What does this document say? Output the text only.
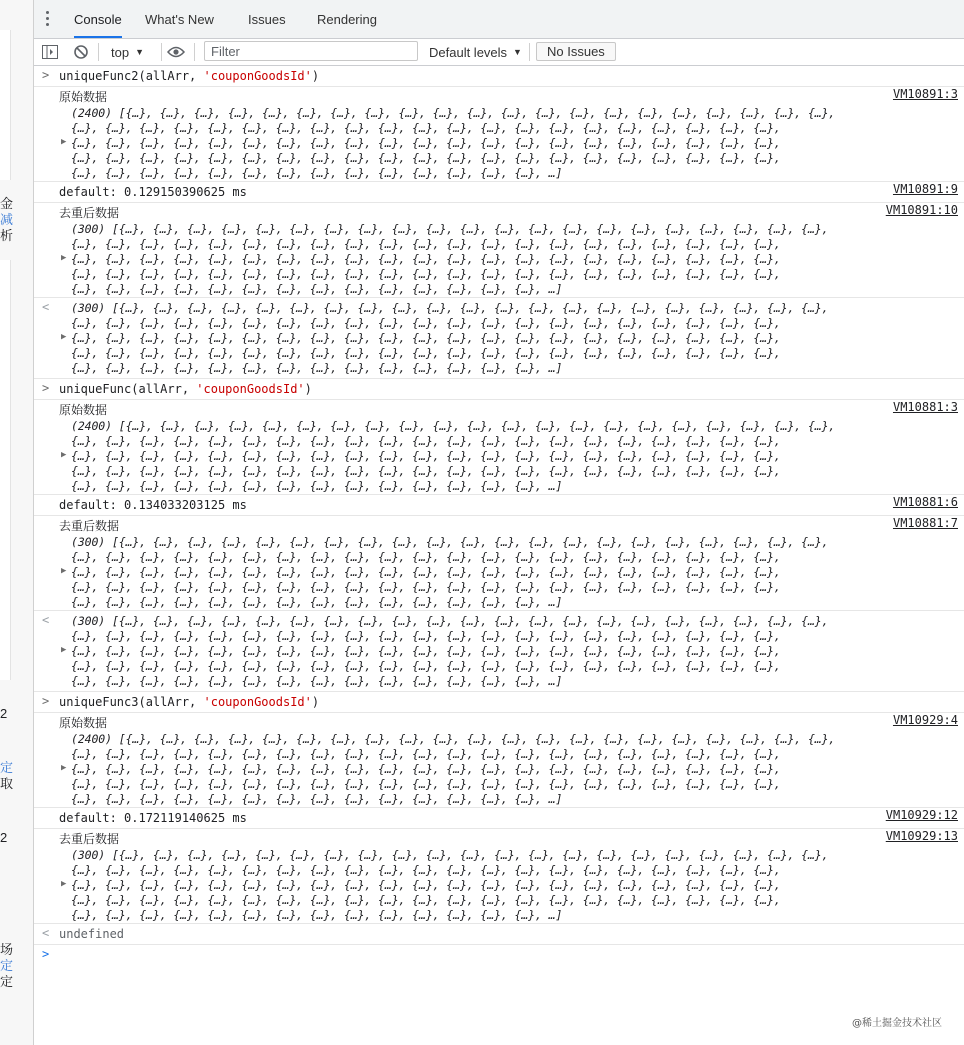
金
减
析
2
定
取
2
场
定
定
Console What's New	Issues Rendering
top ▼
Filter	Default levels ▼	No Issues
> uniqueFunc2(allArr, 'couponGoodsId')
VM10891:3
原始数据
(2400) [{…}, {…}, {…}, {…}, {…}, {…}, {…}, {…}, {…}, {…}, {…}, {…}, {…}, {…}, {…}, {…}, {…}, {…}, {…}, {…}, {…},
{…}, {…}, {…}, {…}, {…}, {…}, {…}, {…}, {…}, {…}, {…}, {…}, {…}, {…}, {…}, {…}, {…}, {…}, {…}, {…}, {…},
{…}, {…}, {…}, {…}, {…}, {…}, {…}, {…}, {…}, {…}, {…}, {…}, {…}, {…}, {…}, {…}, {…}, {…}, {…}, {…}, {…},
{…}, {…}, {…}, {…}, {…}, {…}, {…}, {…}, {…}, {…}, {…}, {…}, {…}, {…}, {…}, {…}, {…}, {…}, {…}, {…}, {…},
{…}, {…}, {…}, {…}, {…}, {…}, {…}, {…}, {…}, {…}, {…}, {…}, {…}, {…}, …]
▶
VM10891:9
default: 0.129150390625 ms
VM10891:10
去重后数据
(300) [{…}, {…}, {…}, {…}, {…}, {…}, {…}, {…}, {…}, {…}, {…}, {…}, {…}, {…}, {…}, {…}, {…}, {…}, {…}, {…}, {…},
{…}, {…}, {…}, {…}, {…}, {…}, {…}, {…}, {…}, {…}, {…}, {…}, {…}, {…}, {…}, {…}, {…}, {…}, {…}, {…}, {…},
{…}, {…}, {…}, {…}, {…}, {…}, {…}, {…}, {…}, {…}, {…}, {…}, {…}, {…}, {…}, {…}, {…}, {…}, {…}, {…}, {…},
{…}, {…}, {…}, {…}, {…}, {…}, {…}, {…}, {…}, {…}, {…}, {…}, {…}, {…}, {…}, {…}, {…}, {…}, {…}, {…}, {…},
{…}, {…}, {…}, {…}, {…}, {…}, {…}, {…}, {…}, {…}, {…}, {…}, {…}, {…}, …]
▶
< (300) [{…}, {…}, {…}, {…}, {…}, {…}, {…}, {…}, {…}, {…}, {…}, {…}, {…}, {…}, {…}, {…}, {…}, {…}, {…}, {…}, {…},
{…}, {…}, {…}, {…}, {…}, {…}, {…}, {…}, {…}, {…}, {…}, {…}, {…}, {…}, {…}, {…}, {…}, {…}, {…}, {…}, {…},
{…}, {…}, {…}, {…}, {…}, {…}, {…}, {…}, {…}, {…}, {…}, {…}, {…}, {…}, {…}, {…}, {…}, {…}, {…}, {…}, {…},
{…}, {…}, {…}, {…}, {…}, {…}, {…}, {…}, {…}, {…}, {…}, {…}, {…}, {…}, {…}, {…}, {…}, {…}, {…}, {…}, {…},
{…}, {…}, {…}, {…}, {…}, {…}, {…}, {…}, {…}, {…}, {…}, {…}, {…}, {…}, …]
▶
> uniqueFunc(allArr, 'couponGoodsId')
VM10881:3
原始数据
(2400) [{…}, {…}, {…}, {…}, {…}, {…}, {…}, {…}, {…}, {…}, {…}, {…}, {…}, {…}, {…}, {…}, {…}, {…}, {…}, {…}, {…},
{…}, {…}, {…}, {…}, {…}, {…}, {…}, {…}, {…}, {…}, {…}, {…}, {…}, {…}, {…}, {…}, {…}, {…}, {…}, {…}, {…},
{…}, {…}, {…}, {…}, {…}, {…}, {…}, {…}, {…}, {…}, {…}, {…}, {…}, {…}, {…}, {…}, {…}, {…}, {…}, {…}, {…},
{…}, {…}, {…}, {…}, {…}, {…}, {…}, {…}, {…}, {…}, {…}, {…}, {…}, {…}, {…}, {…}, {…}, {…}, {…}, {…}, {…},
{…}, {…}, {…}, {…}, {…}, {…}, {…}, {…}, {…}, {…}, {…}, {…}, {…}, {…}, …]
▶
VM10881:6
default: 0.134033203125 ms
VM10881:7
去重后数据
(300) [{…}, {…}, {…}, {…}, {…}, {…}, {…}, {…}, {…}, {…}, {…}, {…}, {…}, {…}, {…}, {…}, {…}, {…}, {…}, {…}, {…},
{…}, {…}, {…}, {…}, {…}, {…}, {…}, {…}, {…}, {…}, {…}, {…}, {…}, {…}, {…}, {…}, {…}, {…}, {…}, {…}, {…},
{…}, {…}, {…}, {…}, {…}, {…}, {…}, {…}, {…}, {…}, {…}, {…}, {…}, {…}, {…}, {…}, {…}, {…}, {…}, {…}, {…},
{…}, {…}, {…}, {…}, {…}, {…}, {…}, {…}, {…}, {…}, {…}, {…}, {…}, {…}, {…}, {…}, {…}, {…}, {…}, {…}, {…},
{…}, {…}, {…}, {…}, {…}, {…}, {…}, {…}, {…}, {…}, {…}, {…}, {…}, {…}, …]
▶
< (300) [{…}, {…}, {…}, {…}, {…}, {…}, {…}, {…}, {…}, {…}, {…}, {…}, {…}, {…}, {…}, {…}, {…}, {…}, {…}, {…}, {…},
{…}, {…}, {…}, {…}, {…}, {…}, {…}, {…}, {…}, {…}, {…}, {…}, {…}, {…}, {…}, {…}, {…}, {…}, {…}, {…}, {…},
{…}, {…}, {…}, {…}, {…}, {…}, {…}, {…}, {…}, {…}, {…}, {…}, {…}, {…}, {…}, {…}, {…}, {…}, {…}, {…}, {…},
{…}, {…}, {…}, {…}, {…}, {…}, {…}, {…}, {…}, {…}, {…}, {…}, {…}, {…}, {…}, {…}, {…}, {…}, {…}, {…}, {…},
{…}, {…}, {…}, {…}, {…}, {…}, {…}, {…}, {…}, {…}, {…}, {…}, {…}, {…}, …]
▶
> uniqueFunc3(allArr, 'couponGoodsId')
VM10929:4
原始数据
(2400) [{…}, {…}, {…}, {…}, {…}, {…}, {…}, {…}, {…}, {…}, {…}, {…}, {…}, {…}, {…}, {…}, {…}, {…}, {…}, {…}, {…},
{…}, {…}, {…}, {…}, {…}, {…}, {…}, {…}, {…}, {…}, {…}, {…}, {…}, {…}, {…}, {…}, {…}, {…}, {…}, {…}, {…},
{…}, {…}, {…}, {…}, {…}, {…}, {…}, {…}, {…}, {…}, {…}, {…}, {…}, {…}, {…}, {…}, {…}, {…}, {…}, {…}, {…},
{…}, {…}, {…}, {…}, {…}, {…}, {…}, {…}, {…}, {…}, {…}, {…}, {…}, {…}, {…}, {…}, {…}, {…}, {…}, {…}, {…},
{…}, {…}, {…}, {…}, {…}, {…}, {…}, {…}, {…}, {…}, {…}, {…}, {…}, {…}, …]
▶
VM10929:12
default: 0.172119140625 ms
VM10929:13
去重后数据
(300) [{…}, {…}, {…}, {…}, {…}, {…}, {…}, {…}, {…}, {…}, {…}, {…}, {…}, {…}, {…}, {…}, {…}, {…}, {…}, {…}, {…},
{…}, {…}, {…}, {…}, {…}, {…}, {…}, {…}, {…}, {…}, {…}, {…}, {…}, {…}, {…}, {…}, {…}, {…}, {…}, {…}, {…},
{…}, {…}, {…}, {…}, {…}, {…}, {…}, {…}, {…}, {…}, {…}, {…}, {…}, {…}, {…}, {…}, {…}, {…}, {…}, {…}, {…},
{…}, {…}, {…}, {…}, {…}, {…}, {…}, {…}, {…}, {…}, {…}, {…}, {…}, {…}, {…}, {…}, {…}, {…}, {…}, {…}, {…},
{…}, {…}, {…}, {…}, {…}, {…}, {…}, {…}, {…}, {…}, {…}, {…}, {…}, {…}, …]
▶
< undefined
>

@稀土掘金技术社区
